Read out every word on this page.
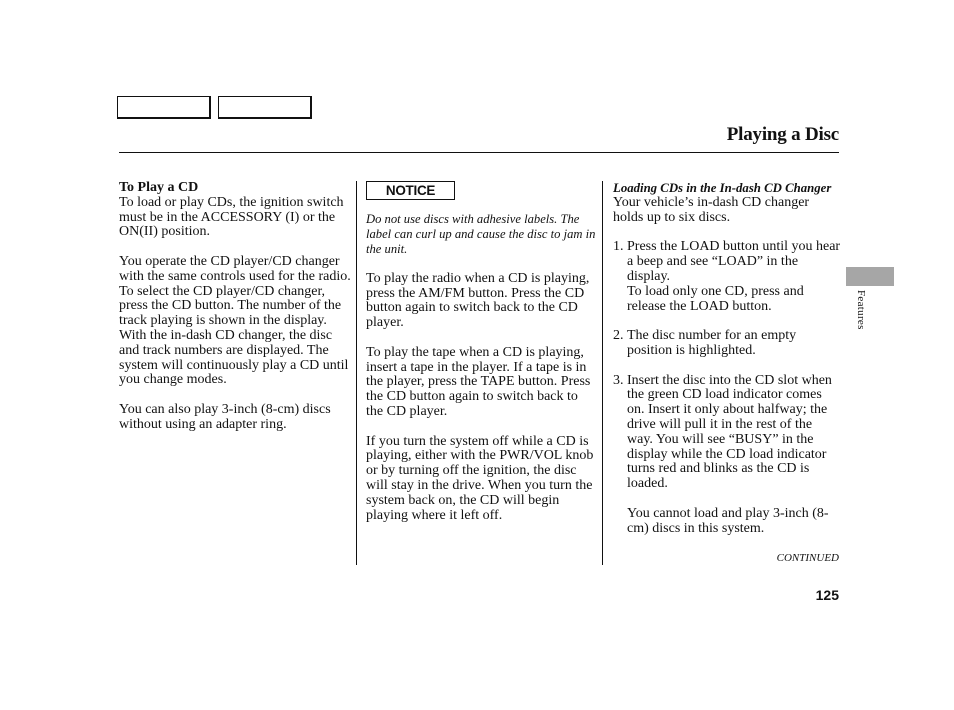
Playing a Disc

To Play a CD

To load or play CDs, the ignition switch must be in the ACCESSORY (I) or the ON(II) position.

You operate the CD player/CD changer with the same controls used for the radio. To select the CD player/CD changer, press the CD button. The number of the track playing is shown in the display. With the in-dash CD changer, the disc and track numbers are displayed. The system will continuously play a CD until you change modes.

You can also play 3-inch (8-cm) discs without using an adapter ring.

NOTICE

Do not use discs with adhesive labels. The label can curl up and cause the disc to jam in the unit.

To play the radio when a CD is playing, press the AM/FM button. Press the CD button again to switch back to the CD player.

To play the tape when a CD is playing, insert a tape in the player. If a tape is in the player, press the TAPE button. Press the CD button again to switch back to the CD player.

If you turn the system off while a CD is playing, either with the PWR/VOL knob or by turning off the ignition, the disc will stay in the drive. When you turn the system back on, the CD will begin playing where it left off.

Loading CDs in the In-dash CD Changer

Your vehicle’s in-dash CD changer holds up to six discs.

1. Press the LOAD button until you hear a beep and see “LOAD” in the display.

To load only one CD, press and release the LOAD button.

2. The disc number for an empty position is highlighted.

3. Insert the disc into the CD slot when the green CD load indicator comes on. Insert it only about halfway; the drive will pull it in the rest of the way. You will see “BUSY” in the display while the CD load indicator turns red and blinks as the CD is loaded.

You cannot load and play 3-inch (8-cm) discs in this system.

CONTINUED
125
Features
